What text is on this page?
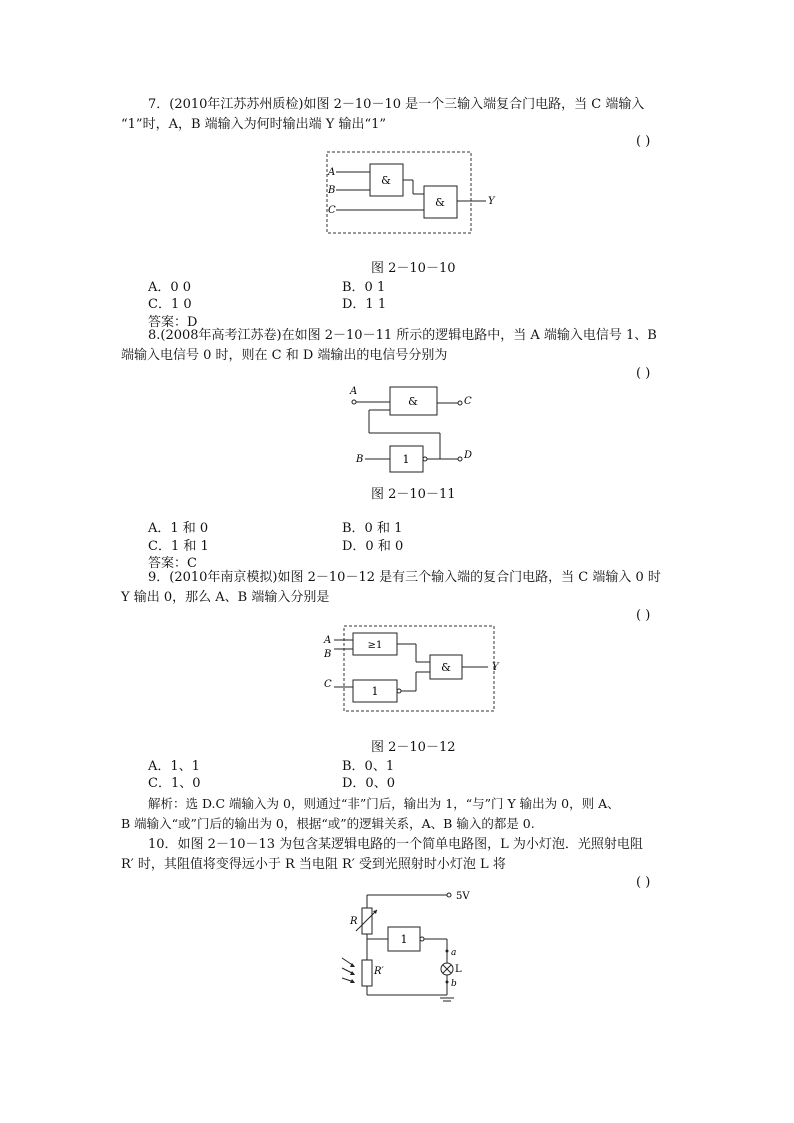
7．(2010年江苏苏州质检)如图 2－10－10 是一个三输入端复合门电路，当 C 端输入
“1”时，A，B 端输入为何时输出端 Y 输出“1”
( )
&
&
A
B
C
Y
图 2－10－10
A．0 0	B．0 1
C．1 0	D．1 1
答案：D
8.(2008年高考江苏卷)在如图 2－10－11 所示的逻辑电路中，当 A 端输入电信号 1、B
端输入电信号 0 时，则在 C 和 D 端输出的电信号分别为
( )
&
1
A
C
B	D
图 2－10－11
A．1 和 0	B．0 和 1
C．1 和 1	D．0 和 0
答案：C
9．(2010年南京模拟)如图 2－10－12 是有三个输入端的复合门电路，当 C 端输入 0 时
Y 输出 0，那么 A、B 端输入分别是
( )
≥1
&
1
A
B
C
Y
图 2－10－12
A．1、1	B．0、1
C．1、0	D．0、0
解析：选 D.C 端输入为 0，则通过“非”门后，输出为 1，“与”门 Y 输出为 0，则 A、
B 端输入“或”门后的输出为 0，根据“或”的逻辑关系，A、B 输入的都是 0.
10．如图 2－10－13 为包含某逻辑电路的一个简单电路图，L 为小灯泡．光照射电阻
R′ 时，其阻值将变得远小于 R 当电阻 R′ 受到光照射时小灯泡 L 将
( )
5V
R
1
a
L
b
R′
